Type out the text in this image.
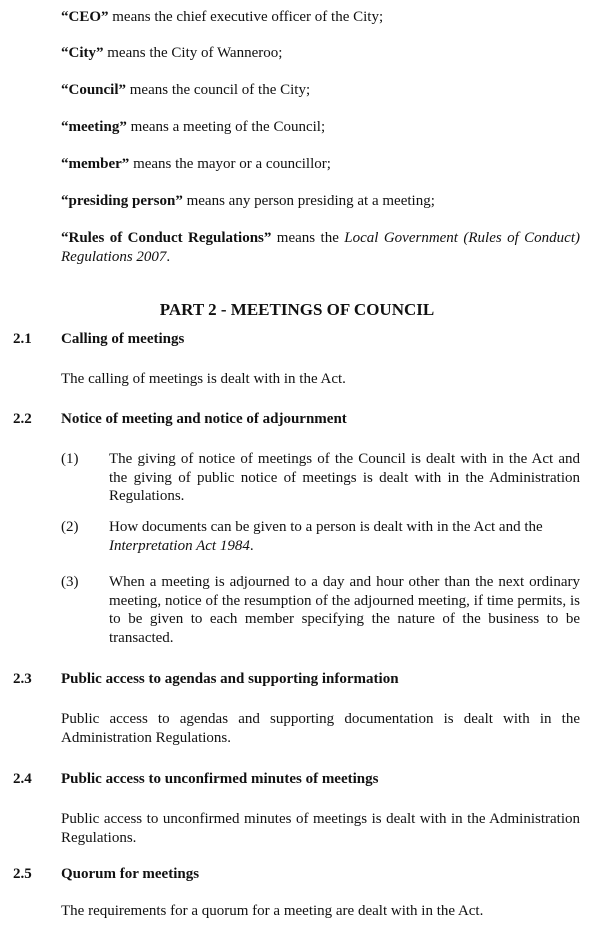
“CEO” means the chief executive officer of the City;

“City” means the City of Wanneroo;

“Council” means the council of the City;

“meeting” means a meeting of the Council;

“member” means the mayor or a councillor;

“presiding person” means any person presiding at a meeting;

“Rules of Conduct Regulations” means the Local Government (Rules of Conduct) Regulations 2007.

PART 2 - MEETINGS OF COUNCIL
2.1 Calling of meetings

The calling of meetings is dealt with in the Act.

2.2 Notice of meeting and notice of adjournment
(1) The giving of notice of meetings of the Council is dealt with in the Act and the giving of public notice of meetings is dealt with in the Administration Regulations.

(2) How documents can be given to a person is dealt with in the Act and the Interpretation Act 1984.

(3) When a meeting is adjourned to a day and hour other than the next ordinary meeting, notice of the resumption of the adjourned meeting, if time permits, is to be given to each member specifying the nature of the business to be transacted.

2.3 Public access to agendas and supporting information

Public access to agendas and supporting documentation is dealt with in the Administration Regulations.

2.4 Public access to unconfirmed minutes of meetings

Public access to unconfirmed minutes of meetings is dealt with in the Administration Regulations.

2.5 Quorum for meetings

The requirements for a quorum for a meeting are dealt with in the Act.
